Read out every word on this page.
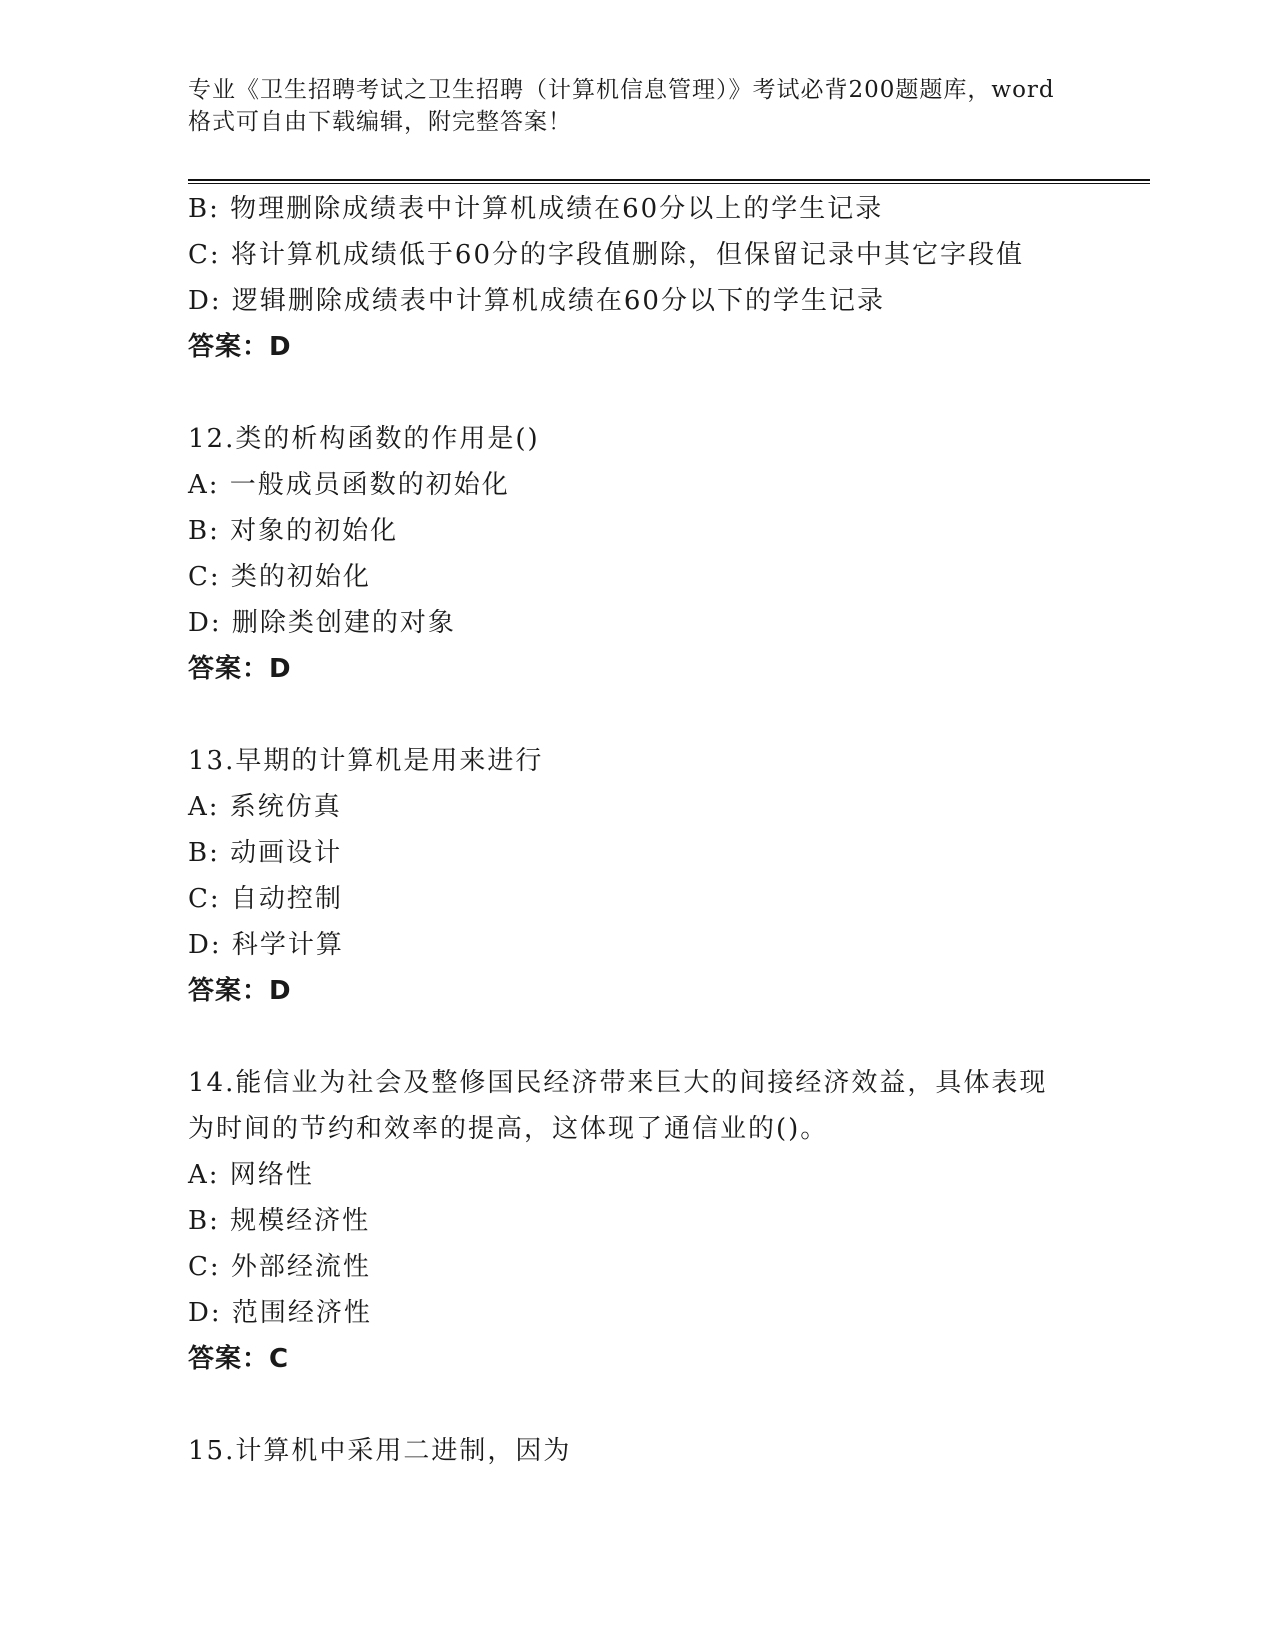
专业《卫生招聘考试之卫生招聘（计算机信息管理）》考试必背200题题库，word
格式可自由下载编辑，附完整答案！
B: 物理删除成绩表中计算机成绩在60分以上的学生记录
C: 将计算机成绩低于60分的字段值删除，但保留记录中其它字段值
D: 逻辑删除成绩表中计算机成绩在60分以下的学生记录
答案：D
12.类的析构函数的作用是()
A: 一般成员函数的初始化
B: 对象的初始化
C: 类的初始化
D: 删除类创建的对象
答案：D
13.早期的计算机是用来进行
A: 系统仿真
B: 动画设计
C: 自动控制
D: 科学计算
答案：D
14.能信业为社会及整修国民经济带来巨大的间接经济效益，具体表现
为时间的节约和效率的提高，这体现了通信业的()。
A: 网络性
B: 规模经济性
C: 外部经流性
D: 范围经济性
答案：C
15.计算机中采用二进制，因为
